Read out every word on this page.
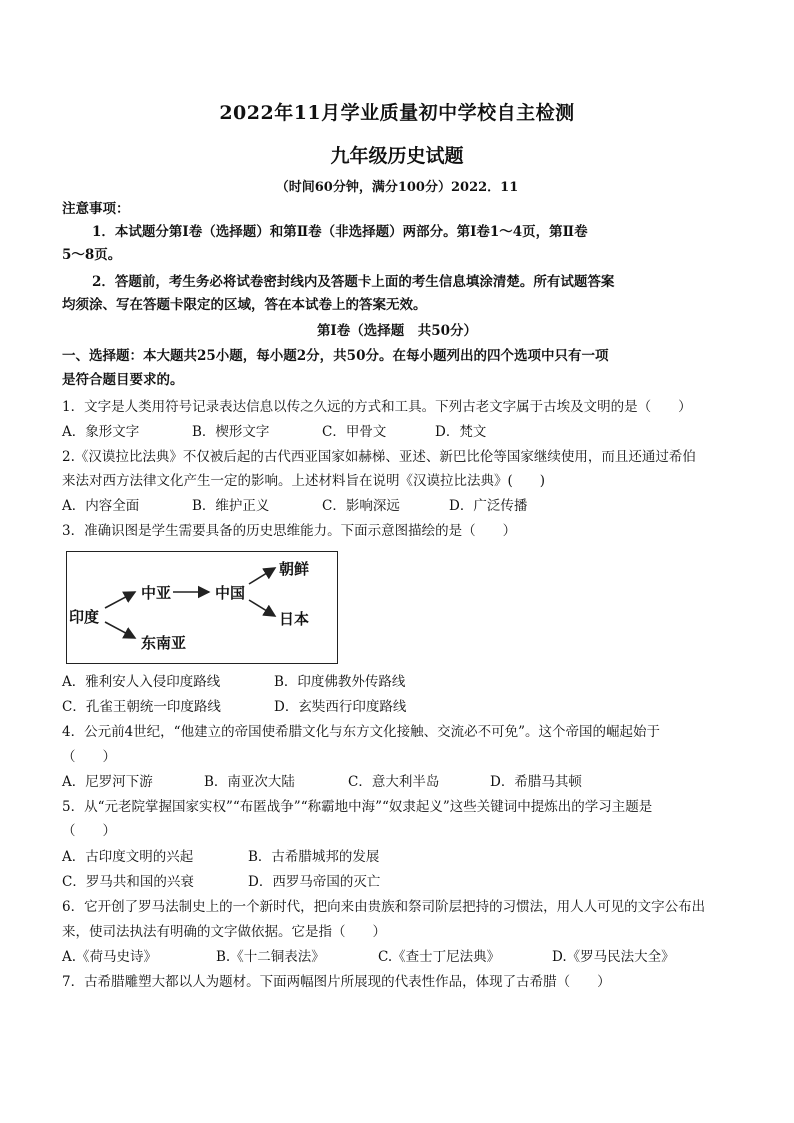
2022年11月学业质量初中学校自主检测
九年级历史试题
（时间60分钟，满分100分）2022．11
注意事项：
1．本试题分第Ⅰ卷（选择题）和第Ⅱ卷（非选择题）两部分。第Ⅰ卷1～4页，第Ⅱ卷
5～8页。
2．答题前，考生务必将试卷密封线内及答题卡上面的考生信息填涂清楚。所有试题答案
均须涂、写在答题卡限定的区域，答在本试卷上的答案无效。
第Ⅰ卷（选择题　共50分）
一、选择题：本大题共25小题，每小题2分，共50分。在每小题列出的四个选项中只有一项
是符合题目要求的。
1．文字是人类用符号记录表达信息以传之久远的方式和工具。下列古老文字属于古埃及文明的是（　　）
A．象形文字	B．楔形文字	C．甲骨文	D．梵文
2.《汉谟拉比法典》不仅被后起的古代西亚国家如赫梯、亚述、新巴比伦等国家继续使用，而且还通过希伯
来法对西方法律文化产生一定的影响。上述材料旨在说明《汉谟拉比法典》(　　)
A．内容全面	B．维护正义	C．影响深远	D．广泛传播
3．准确识图是学生需要具备的历史思维能力。下面示意图描绘的是（　　）
印度
中亚	中国
朝鲜
日本
东南亚
A．雅利安人入侵印度路线	B．印度佛教外传路线
C．孔雀王朝统一印度路线	D．玄奘西行印度路线
4．公元前4世纪，“他建立的帝国使希腊文化与东方文化接触、交流必不可免”。这个帝国的崛起始于
（　　）
A．尼罗河下游	B．南亚次大陆	C．意大利半岛	D．希腊马其顿
5．从“元老院掌握国家实权”“布匿战争”“称霸地中海”“奴隶起义”这些关键词中提炼出的学习主题是
（　　）
A．古印度文明的兴起	B．古希腊城邦的发展
C．罗马共和国的兴衰	D．西罗马帝国的灭亡
6．它开创了罗马法制史上的一个新时代，把向来由贵族和祭司阶层把持的习惯法，用人人可见的文字公布出
来，使司法执法有明确的文字做依据。它是指（　　）
A.《荷马史诗》	B.《十二铜表法》	C.《查士丁尼法典》	D.《罗马民法大全》
7．古希腊雕塑大都以人为题材。下面两幅图片所展现的代表性作品，体现了古希腊（　　）
